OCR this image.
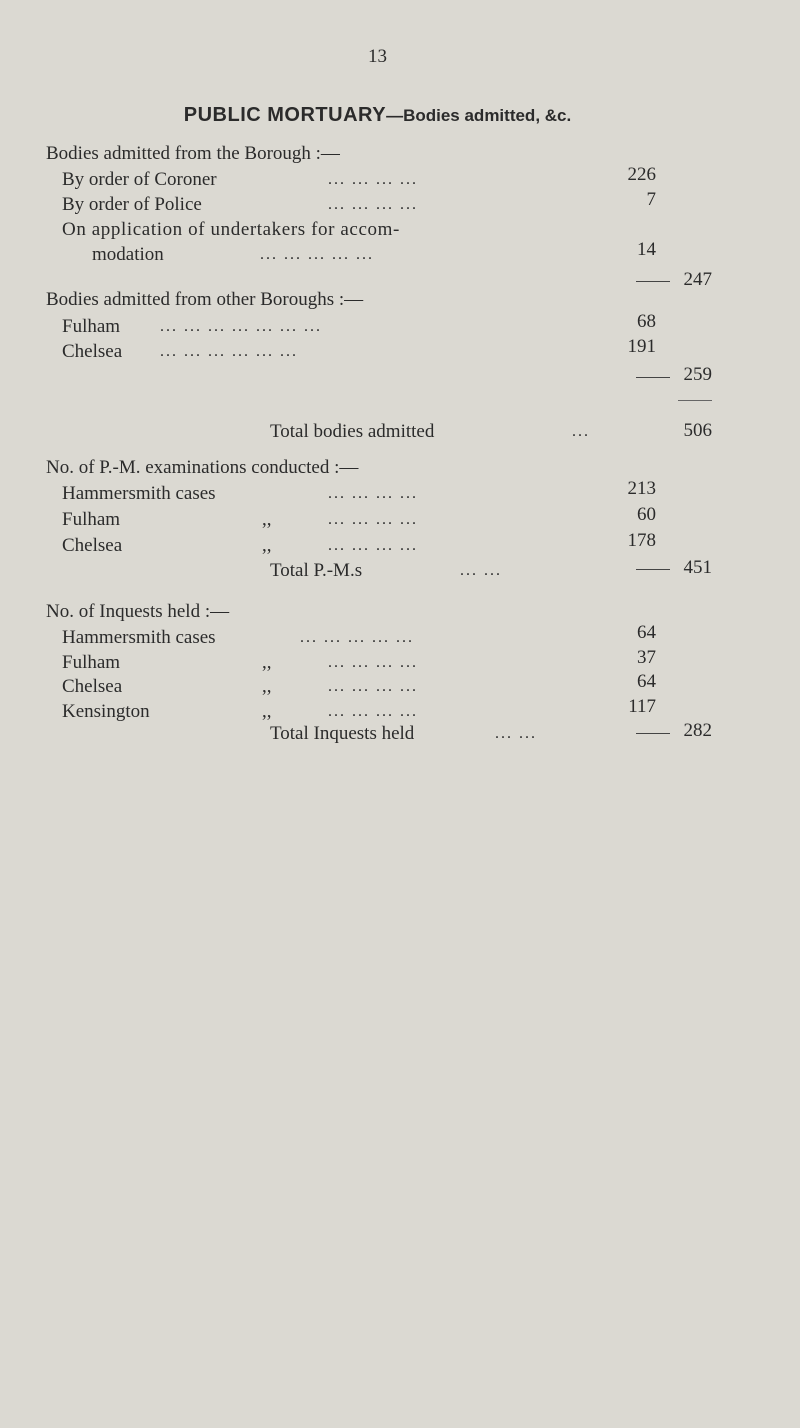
13
PUBLIC MORTUARY—Bodies admitted, &c.
Bodies admitted from the Borough :—
By order of Coroner	... ... ... ...	226
By order of Police	... ... ... ...	7
On application of undertakers for accom-
modation	... ... ... ... ...	14
247
Bodies admitted from other Boroughs :—
Fulham ... ... ... ... ... ... ...	68
Chelsea ... ... ... ... ... ...	191
259
Total bodies admitted	...	506
No. of P.-M. examinations conducted :—
Hammersmith cases	... ... ... ...	213
Fulham	,,	... ... ... ...	60
Chelsea	,,	... ... ... ...	178
Total P.-M.s	... ...	451
No. of Inquests held :—
Hammersmith cases	... ... ... ... ...	64
Fulham	,,	... ... ... ...	37
Chelsea	,,	... ... ... ...	64
Kensington	,,	... ... ... ...	117
Total Inquests held	... ...	282
